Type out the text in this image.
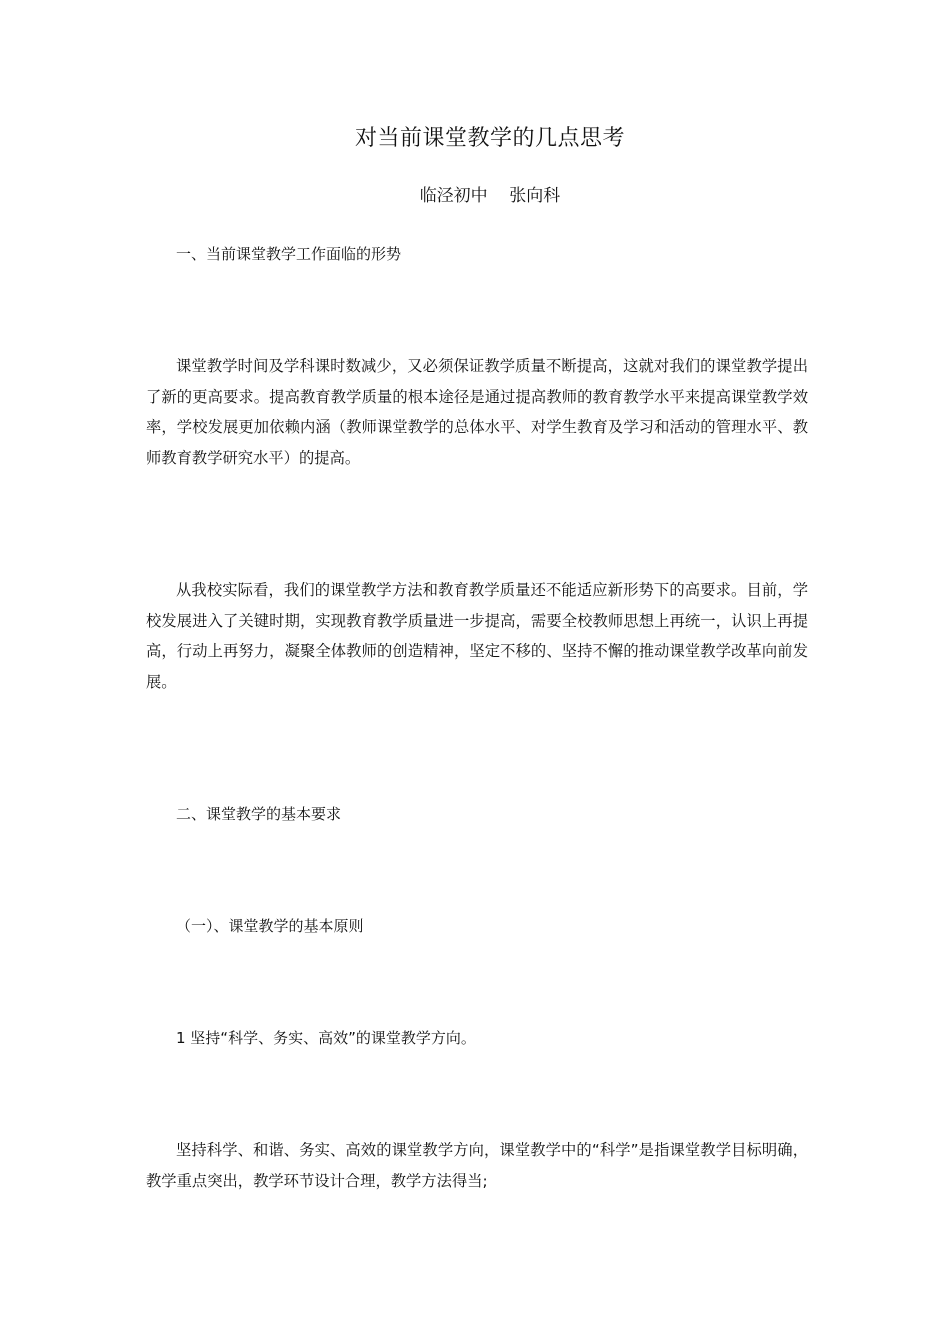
对当前课堂教学的几点思考
临泾初中    张向科
一、当前课堂教学工作面临的形势

课堂教学时间及学科课时数减少，又必须保证教学质量不断提高，这就对我们的课堂教学提出了新的更高要求。提高教育教学质量的根本途径是通过提高教师的教育教学水平来提高课堂教学效率，学校发展更加依赖内涵（教师课堂教学的总体水平、对学生教育及学习和活动的管理水平、教师教育教学研究水平）的提高。

从我校实际看，我们的课堂教学方法和教育教学质量还不能适应新形势下的高要求。目前，学校发展进入了关键时期，实现教育教学质量进一步提高，需要全校教师思想上再统一，认识上再提高，行动上再努力，凝聚全体教师的创造精神，坚定不移的、坚持不懈的推动课堂教学改革向前发展。

二、课堂教学的基本要求
（一）、课堂教学的基本原则
1 坚持“科学、务实、高效”的课堂教学方向。

坚持科学、和谐、务实、高效的课堂教学方向，课堂教学中的“科学”是指课堂教学目标明确，教学重点突出，教学环节设计合理，教学方法得当;
